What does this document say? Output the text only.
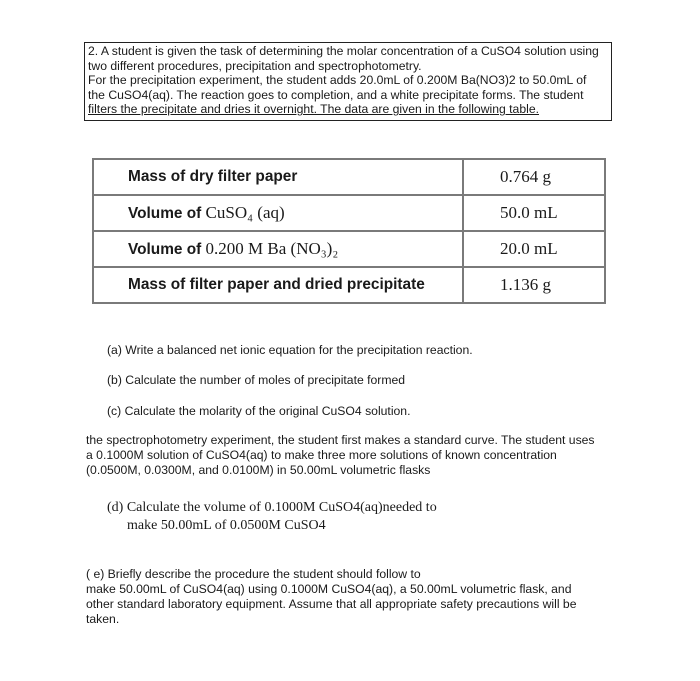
2. A student is given the task of determining the molar concentration of a CuSO4 solution using

two different procedures, precipitation and spectrophotometry.

For the precipitation experiment, the student adds 20.0mL of 0.200M Ba(NO3)2 to 50.0mL of

the CuSO4(aq). The reaction goes to completion, and a white precipitate forms. The student

filters the precipitate and dries it overnight. The data are given in the following table.

Mass of dry filter paper	0.764 g
Volume of CuSO₄ (aq)	50.0 mL
Volume of 0.200 M Ba (NO₃)₂	20.0 mL
Mass of filter paper and dried precipitate	1.136 g
(a) Write a balanced net ionic equation for the precipitation reaction.
(b) Calculate the number of moles of precipitate formed
(c) Calculate the molarity of the original CuSO4 solution.

the spectrophotometry experiment, the student first makes a standard curve. The student uses

a 0.1000M solution of CuSO4(aq) to make three more solutions of known concentration

(0.0500M, 0.0300M, and 0.0100M) in 50.00mL volumetric flasks

(d) Calculate the volume of 0.1000M CuSO4(aq)needed to

make 50.00mL of 0.0500M CuSO4

( e) Briefly describe the procedure the student should follow to

make 50.00mL of CuSO4(aq) using 0.1000M CuSO4(aq), a 50.00mL volumetric flask, and

other standard laboratory equipment. Assume that all appropriate safety precautions will be

taken.
